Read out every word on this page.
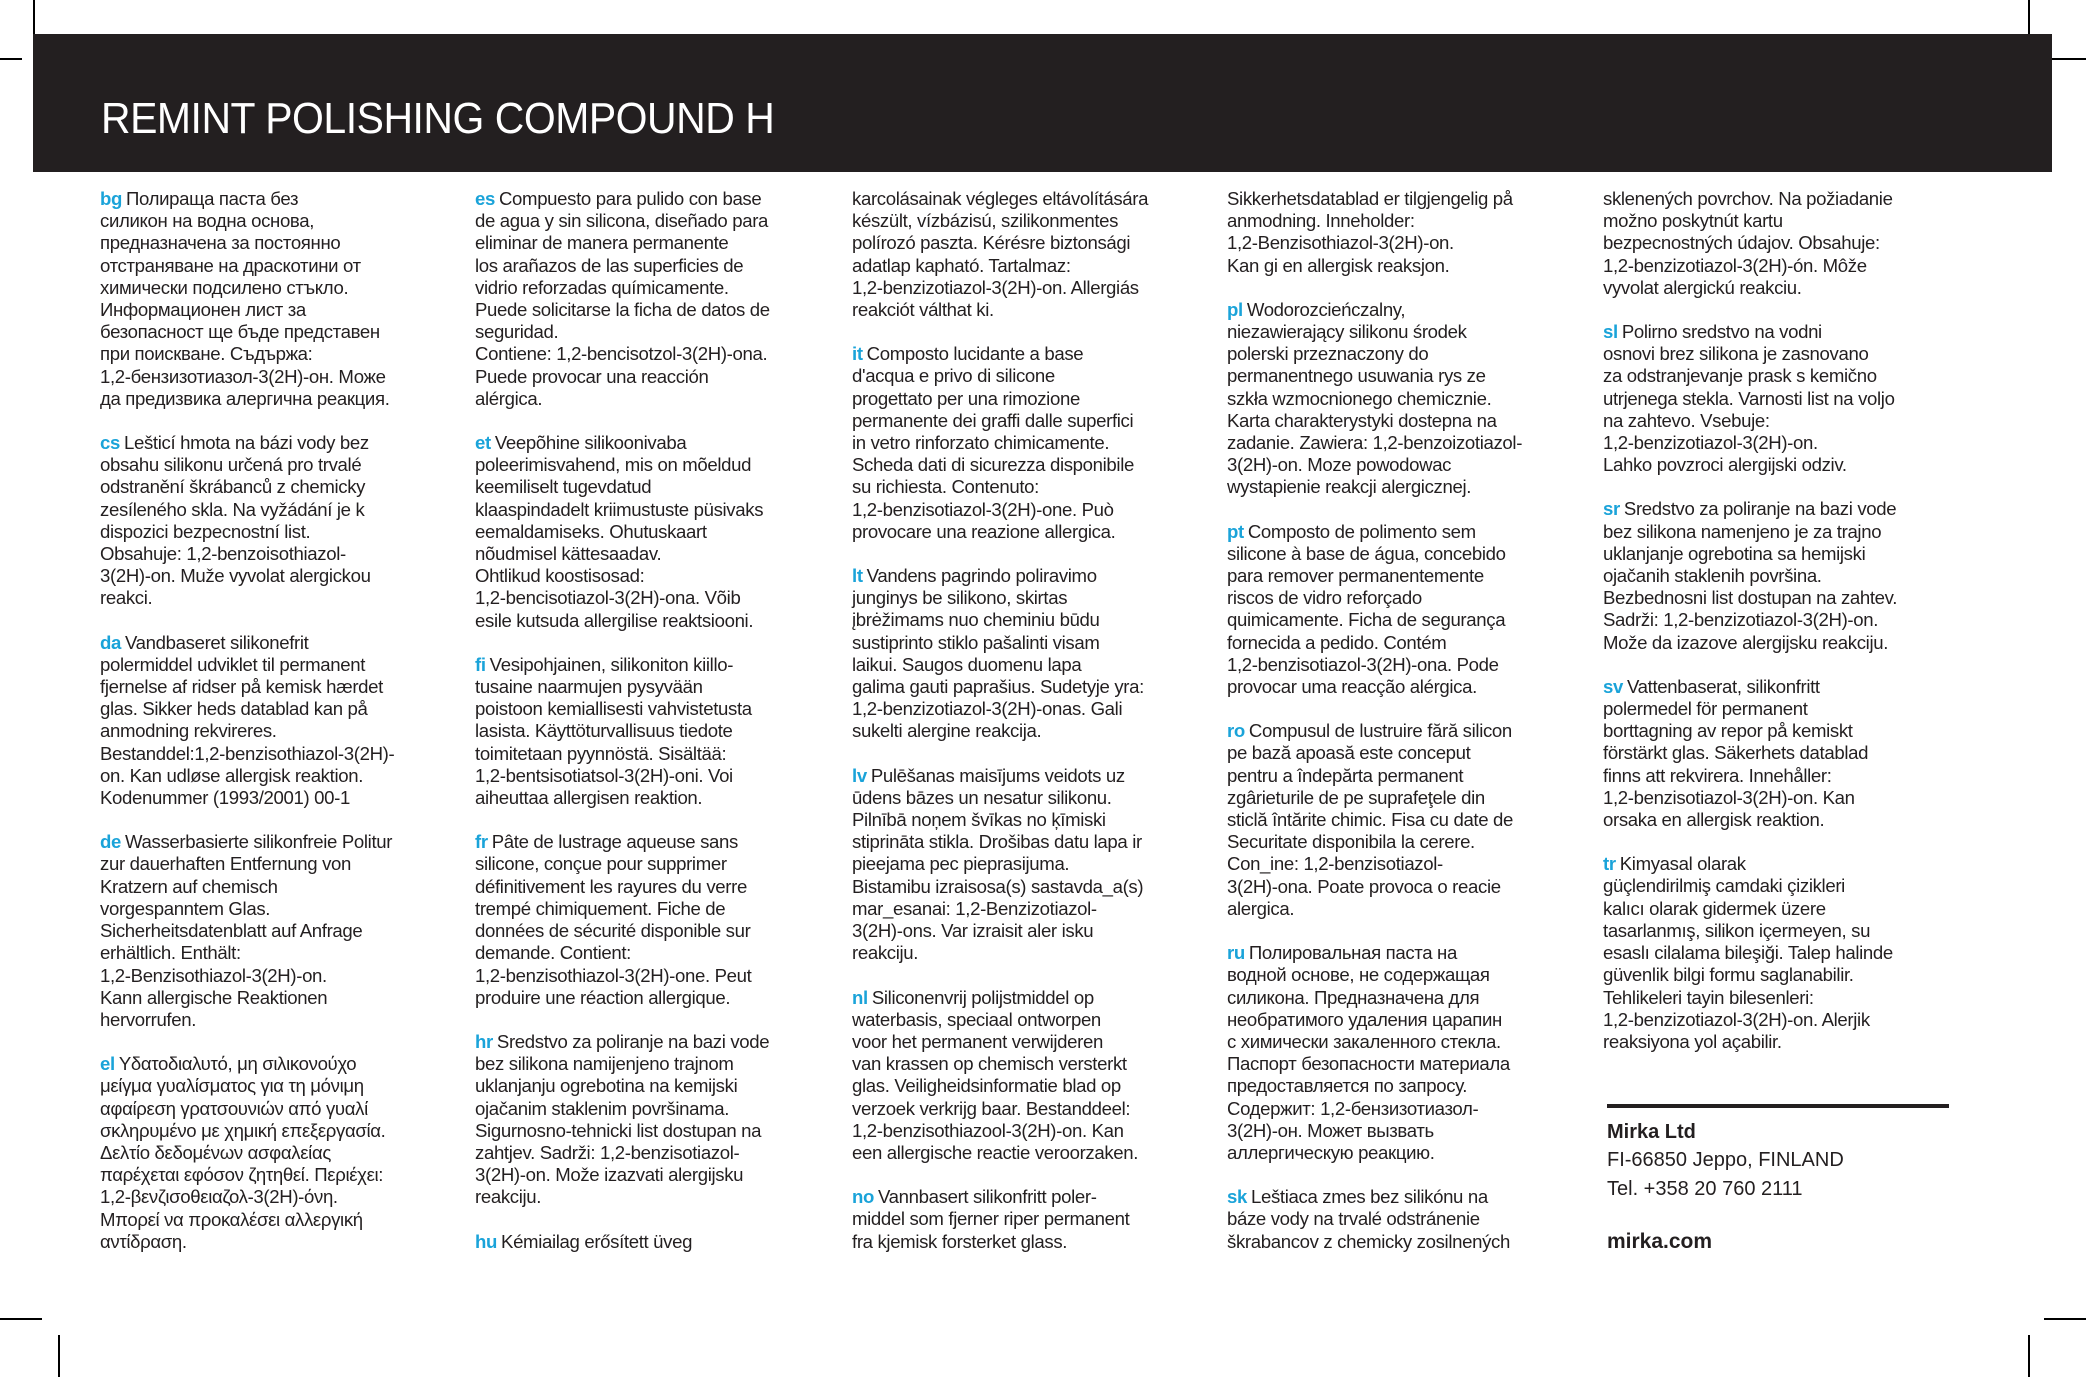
REMINT POLISHING COMPOUND H

bg Полираща паста без
силикон на водна основа,
предназначена за постоянно
отстраняване на драскотини от
химически подсилено стъкло.
Информационен лист за
безопасност ще бъде представен
при поискване. Съдържа:
1,2-бензизотиазол-3(2H)-он. Може
да предизвика алергична реакция.

cs Lešticí hmota na bázi vody bez
obsahu silikonu určená pro trvalé
odstranění škrábanců z chemicky
zesíleného skla. Na vyžádání je k
dispozici bezpecnostní list.
Obsahuje: 1,2-benzoisothiazol-
3(2H)-on. Muže vyvolat alergickou
reakci.

da Vandbaseret silikonefrit
polermiddel udviklet til permanent
fjernelse af ridser på kemisk hærdet
glas. Sikker heds datablad kan på
anmodning rekvireres.
Bestanddel:1,2-benzisothiazol-3(2H)-
on. Kan udløse allergisk reaktion.
Kodenummer (1993/2001) 00-1

de Wasserbasierte silikonfreie Politur
zur dauerhaften Entfernung von
Kratzern auf chemisch
vorgespanntem Glas.
Sicherheitsdatenblatt auf Anfrage
erhältlich. Enthält:
1,2-Benzisothiazol-3(2H)-on.
Kann allergische Reaktionen
hervorrufen.

el Υδατοδιαλυτό, μη σιλικονούχο
μείγμα γυαλίσματος για τη μόνιμη
αφαίρεση γρατσουνιών από γυαλί
σκληρυμένο με χημική επεξεργασία.
Δελτίο δεδομένων ασφαλείας
παρέχεται εφόσον ζητηθεί. Περιέχει:
1,2-βενζισοθειαζολ-3(2H)-όνη.
Μπορεί να προκαλέσει αλλεργική
αντίδραση.

es Compuesto para pulido con base
de agua y sin silicona, diseñado para
eliminar de manera permanente
los arañazos de las superficies de
vidrio reforzadas químicamente.
Puede solicitarse la ficha de datos de
seguridad.
Contiene: 1,2-bencisotzol-3(2H)-ona.
Puede provocar una reacción
alérgica.

et Veepõhine silikoonivaba
poleerimisvahend, mis on mõeldud
keemiliselt tugevdatud
klaaspindadelt kriimustuste püsivaks
eemaldamiseks. Ohutuskaart
nõudmisel kättesaadav.
Ohtlikud koostisosad:
1,2-bencisotiazol-3(2H)-ona. Võib
esile kutsuda allergilise reaktsiooni.

fi Vesipohjainen, silikoniton kiillo-
tusaine naarmujen pysyvään
poistoon kemiallisesti vahvistetusta
lasista. Käyttöturvallisuus tiedote
toimitetaan pyynnöstä. Sisältää:
1,2-bentsisotiatsol-3(2H)-oni. Voi
aiheuttaa allergisen reaktion.

fr Pâte de lustrage aqueuse sans
silicone, conçue pour supprimer
définitivement les rayures du verre
trempé chimiquement. Fiche de
données de sécurité disponible sur
demande. Contient:
1,2-benzisothiazol-3(2H)-one. Peut
produire une réaction allergique.

hr Sredstvo za poliranje na bazi vode
bez silikona namijenjeno trajnom
uklanjanju ogrebotina na kemijski
ojačanim staklenim površinama.
Sigurnosno-tehnicki list dostupan na
zahtjev. Sadrži: 1,2-benzisotiazol-
3(2H)-on. Može izazvati alergijsku
reakciju.

hu Kémiailag erősített üveg

karcolásainak végleges eltávolítására
készült, vízbázisú, szilikonmentes
polírozó paszta. Kérésre biztonsági
adatlap kapható. Tartalmaz:
1,2-benzizotiazol-3(2H)-on. Allergiás
reakciót válthat ki.

it Composto lucidante a base
d'acqua e privo di silicone
progettato per una rimozione
permanente dei graffi dalle superfici
in vetro rinforzato chimicamente.
Scheda dati di sicurezza disponibile
su richiesta. Contenuto:
1,2-benzisotiazol-3(2H)-one. Può
provocare una reazione allergica.

lt Vandens pagrindo poliravimo
junginys be silikono, skirtas
įbrėžimams nuo cheminiu būdu
sustiprinto stiklo pašalinti visam
laikui. Saugos duomenu lapa
galima gauti paprašius. Sudetyje yra:
1,2-benzizotiazol-3(2H)-onas. Gali
sukelti alergine reakcija.

lv Pulēšanas maisījums veidots uz
ūdens bāzes un nesatur silikonu.
Pilnībā noņem švīkas no ķīmiski
stiprināta stikla. Drošibas datu lapa ir
pieejama pec pieprasijuma.
Bistamibu izraisosa(s) sastavda_a(s)
mar_esanai: 1,2-Benzizotiazol-
3(2H)-ons. Var izraisit aler isku
reakciju.

nl Siliconenvrij polijstmiddel op
waterbasis, speciaal ontworpen
voor het permanent verwijderen
van krassen op chemisch versterkt
glas. Veiligheidsinformatie blad op
verzoek verkrijg baar. Bestanddeel:
1,2-benzisothiazool-3(2H)-on. Kan
een allergische reactie veroorzaken.

no Vannbasert silikonfritt poler-
middel som fjerner riper permanent
fra kjemisk forsterket glass.

Sikkerhetsdatablad er tilgjengelig på
anmodning. Inneholder:
1,2-Benzisothiazol-3(2H)-on.
Kan gi en allergisk reaksjon.

pl Wodorozcieńczalny,
niezawierający silikonu środek
polerski przeznaczony do
permanentnego usuwania rys ze
szkła wzmocnionego chemicznie.
Karta charakterystyki dostepna na
zadanie. Zawiera: 1,2-benzoizotiazol-
3(2H)-on. Moze powodowac
wystapienie reakcji alergicznej.

pt Composto de polimento sem
silicone à base de água, concebido
para remover permanentemente
riscos de vidro reforçado
quimicamente. Ficha de segurança
fornecida a pedido. Contém
1,2-benzisotiazol-3(2H)-ona. Pode
provocar uma reacção alérgica.

ro Compusul de lustruire fără silicon
pe bază apoasă este conceput
pentru a îndepărta permanent
zgârieturile de pe suprafeţele din
sticlă întărite chimic. Fisa cu date de
Securitate disponibila la cerere.
Con_ine: 1,2-benzisotiazol-
3(2H)-ona. Poate provoca o reacie
alergica.

ru Полировальная паста на
водной основе, не содержащая
силикона. Предназначена для
необратимого удаления царапин
с химически закаленного стекла.
Паспорт безопасности материала
предоставляется по запросу.
Содержит: 1,2-бензизотиазол-
3(2H)-он. Может вызвать
аллергическую реакцию.

sk Leštiaca zmes bez silikónu na
báze vody na trvalé odstránenie
škrabancov z chemicky zosilnených

sklenených povrchov. Na požiadanie
možno poskytnút kartu
bezpecnostných údajov. Obsahuje:
1,2-benzizotiazol-3(2H)-ón. Môže
vyvolat alergickú reakciu.

sl Polirno sredstvo na vodni
osnovi brez silikona je zasnovano
za odstranjevanje prask s kemično
utrjenega stekla. Varnosti list na voljo
na zahtevo. Vsebuje:
1,2-benzizotiazol-3(2H)-on.
Lahko povzroci alergijski odziv.

sr Sredstvo za poliranje na bazi vode
bez silikona namenjeno je za trajno
uklanjanje ogrebotina sa hemijski
ojačanih staklenih površina.
Bezbednosni list dostupan na zahtev.
Sadrži: 1,2-benzizotiazol-3(2H)-on.
Može da izazove alergijsku reakciju.

sv Vattenbaserat, silikonfritt
polermedel för permanent
borttagning av repor på kemiskt
förstärkt glas. Säkerhets datablad
finns att rekvirera. Innehåller:
1,2-benzisotiazol-3(2H)-on. Kan
orsaka en allergisk reaktion.

tr Kimyasal olarak
güçlendirilmiş camdaki çizikleri
kalıcı olarak gidermek üzere
tasarlanmış, silikon içermeyen, su
esaslı cilalama bileşiği. Talep halinde
güvenlik bilgi formu saglanabilir.
Tehlikeleri tayin bilesenleri:
1,2-benzizotiazol-3(2H)-on. Alerjik
reaksiyona yol açabilir.

Mirka Ltd
FI-66850 Jeppo, FINLAND
Tel. +358 20 760 2111
mirka.com
